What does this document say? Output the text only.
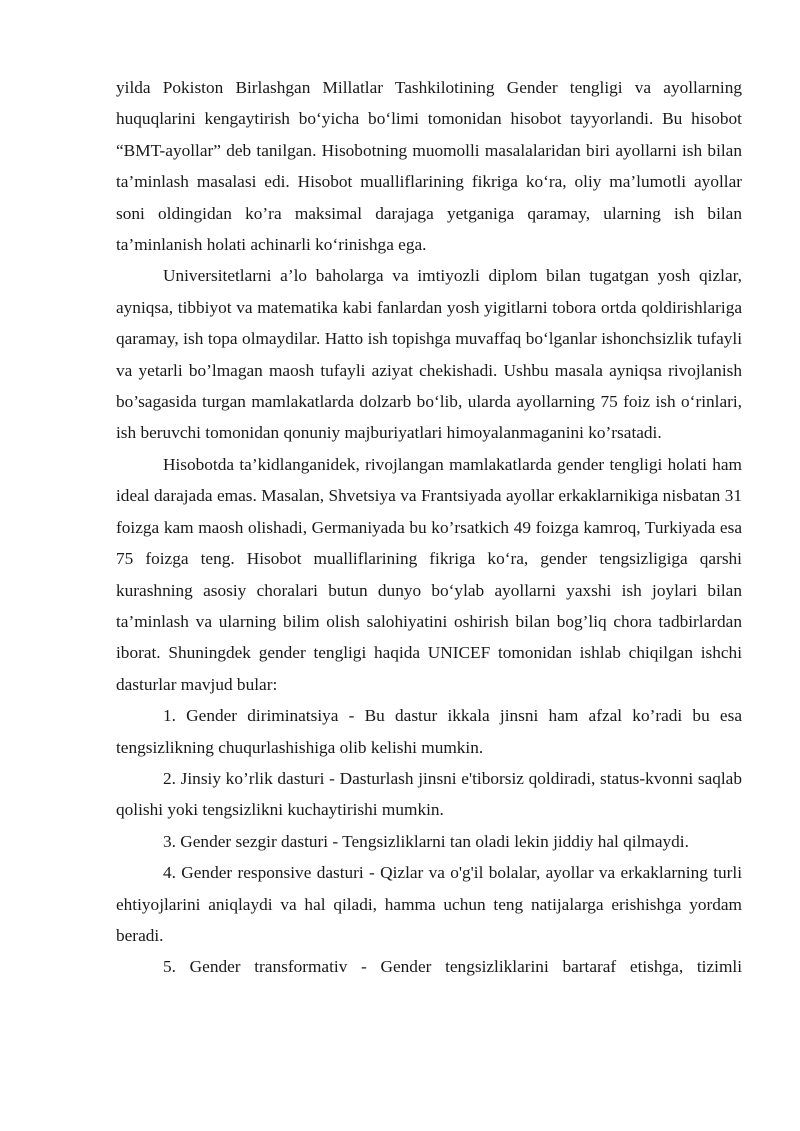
yilda Pokiston Birlashgan Millatlar Tashkilotining Gender tengligi va ayollarning huquqlarini kengaytirish bo‘yicha bo‘limi tomonidan hisobot tayyorlandi. Bu hisobot “BMT-ayollar” deb tanilgan. Hisobotning muomolli masalalaridan biri ayollarni ish bilan ta’minlash masalasi edi. Hisobot mualliflarining fikriga ko‘ra, oliy ma’lumotli ayollar soni oldingidan ko’ra maksimal darajaga yetganiga qaramay, ularning ish bilan ta’minlanish holati achinarli ko‘rinishga ega.

Universitetlarni a’lo baholarga va imtiyozli diplom bilan tugatgan yosh qizlar, ayniqsa, tibbiyot va matematika kabi fanlardan yosh yigitlarni tobora ortda qoldirishlariga qaramay, ish topa olmaydilar. Hatto ish topishga muvaffaq bo‘lganlar ishonchsizlik tufayli va yetarli bo’lmagan maosh tufayli aziyat chekishadi. Ushbu masala ayniqsa rivojlanish bo’sagasida turgan mamlakatlarda dolzarb bo‘lib, ularda ayollarning 75 foiz ish o‘rinlari, ish beruvchi tomonidan qonuniy majburiyatlari himoyalanmaganini ko’rsatadi.

Hisobotda ta’kidlanganidek, rivojlangan mamlakatlarda gender tengligi holati ham ideal darajada emas. Masalan, Shvetsiya va Frantsiyada ayollar erkaklarnikiga nisbatan 31 foizga kam maosh olishadi, Germaniyada bu ko’rsatkich 49 foizga kamroq, Turkiyada esa 75 foizga teng. Hisobot mualliflarining fikriga ko‘ra, gender tengsizligiga qarshi kurashning asosiy choralari butun dunyo bo‘ylab ayollarni yaxshi ish joylari bilan ta’minlash va ularning bilim olish salohiyatini oshirish bilan bog’liq chora tadbirlardan iborat. Shuningdek gender tengligi haqida UNICEF tomonidan ishlab chiqilgan ishchi dasturlar mavjud bular:

1. Gender diriminatsiya - Bu dastur ikkala jinsni ham afzal ko’radi bu esa tengsizlikning chuqurlashishiga olib kelishi mumkin.

2. Jinsiy ko’rlik dasturi - Dasturlash jinsni e'tiborsiz qoldiradi, status-kvonni saqlab qolishi yoki tengsizlikni kuchaytirishi mumkin.

3. Gender sezgir dasturi - Tengsizliklarni tan oladi lekin jiddiy hal qilmaydi.

4. Gender responsive dasturi - Qizlar va o'g'il bolalar, ayollar va erkaklarning turli ehtiyojlarini aniqlaydi va hal qiladi, hamma uchun teng natijalarga erishishga yordam beradi.

5. Gender transformativ - Gender tengsizliklarini bartaraf etishga, tizimli
